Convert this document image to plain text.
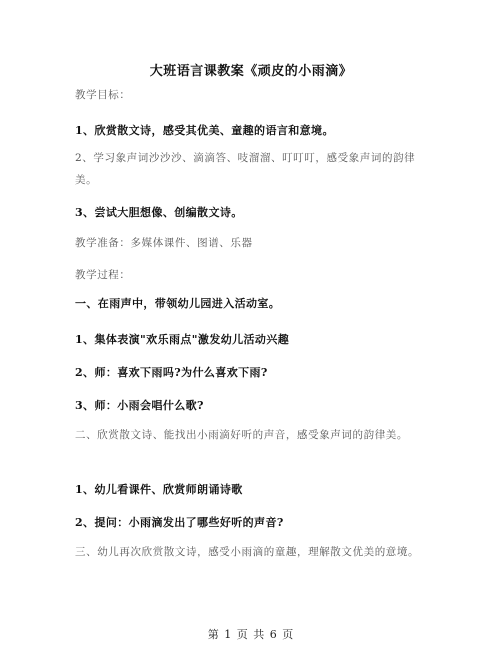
大班语言课教案《顽皮的小雨滴》
教学目标：
1、欣赏散文诗，感受其优美、童趣的语言和意境。
2、学习象声词沙沙沙、滴滴答、吱溜溜、叮叮叮，感受象声词的韵律美。
3、尝试大胆想像、创编散文诗。
教学准备：多媒体课件、图谱、乐器
教学过程：
一、在雨声中，带领幼儿园进入活动室。
1、集体表演"欢乐雨点"激发幼儿活动兴趣
2、师：喜欢下雨吗?为什么喜欢下雨?
3、师：小雨会唱什么歌?
二、欣赏散文诗、能找出小雨滴好听的声音，感受象声词的韵律美。
1、幼儿看课件、欣赏师朗诵诗歌
2、提问：小雨滴发出了哪些好听的声音?
三、幼儿再次欣赏散文诗，感受小雨滴的童趣，理解散文优美的意境。
第 1 页 共 6 页
